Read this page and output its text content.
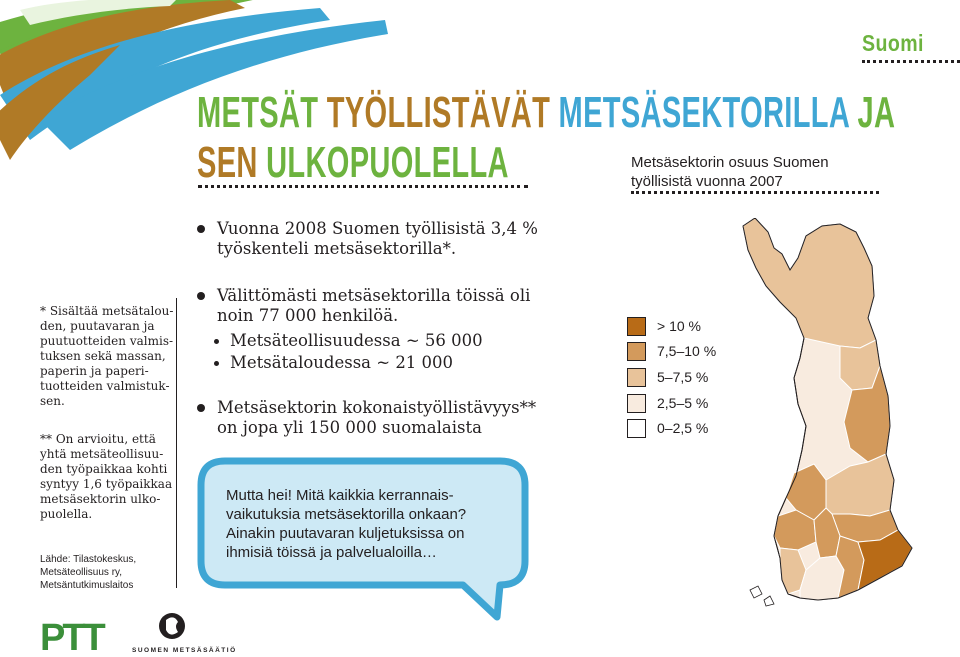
Suomi
METSÄT TYÖLLISTÄVÄT METSÄSEKTORILLA JA
SEN ULKOPUOLELLA	Metsäsektorin osuus Suomen
työllisistä vuonna 2007
* Sisältää metsätalou-
den, puutavaran ja
puutuotteiden valmis-
tuksen sekä massan,
paperin ja paperi-
tuotteiden valmistuk-
sen.
** On arvioitu, että
yhtä metsäteollisuu-
den työpaikkaa kohti
syntyy 1,6 työpaikkaa
metsäsektorin ulko-
puolella.
Lähde: Tilastokeskus,
Metsäteollisuus ry,
Metsäntutkimuslaitos
Vuonna 2008 Suomen työllisistä 3,4 %
työskenteli metsäsektorilla*.
Välittömästi metsäsektorilla töissä oli
noin 77 000 henkilöä.
Metsäteollisuudessa ~ 56 000
Metsätaloudessa ~ 21 000
Metsäsektorin kokonaistyöllistävyys**
on jopa yli 150 000 suomalaista
Mutta hei! Mitä kaikkia kerrannais-
vaikutuksia metsäsektorilla onkaan?
Ainakin puutavaran kuljetuksissa on
ihmisiä töissä ja palvelualoilla…
> 10 %
7,5–10 %
5–7,5 %
2,5–5 %
0–2,5 %
PTT	SUOMEN METSÄSÄÄTIÖ
